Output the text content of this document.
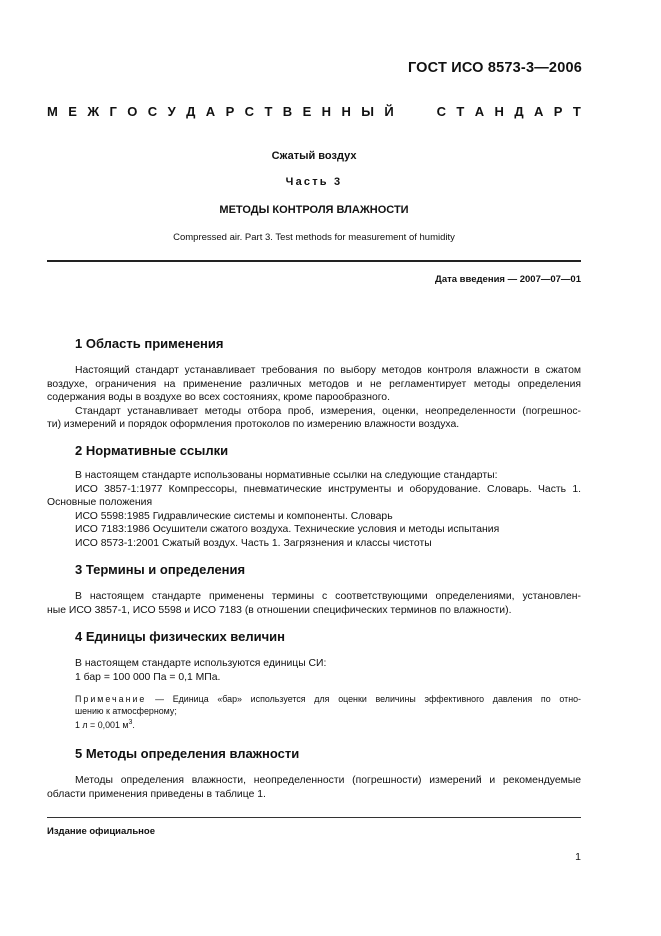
ГОСТ ИСО 8573-3—2006
М Е Ж Г О С У Д А Р С Т В Е Н Н Ы Й	С Т А Н Д А Р Т
Сжатый воздух
Часть 3
МЕТОДЫ КОНТРОЛЯ ВЛАЖНОСТИ
Compressed air. Part 3. Test methods for measurement of humidity
Дата введения — 2007—07—01
1 Область применения
Настоящий стандарт устанавливает требования по выбору методов контроля влажности в сжатом
воздухе, ограничения на применение различных методов и не регламентирует методы определения
содержания воды в воздухе во всех состояниях, кроме парообразного.
Стандарт устанавливает методы отбора проб, измерения, оценки, неопределенности (погрешнос-
ти) измерений и порядок оформления протоколов по измерению влажности воздуха.
2 Нормативные ссылки
В настоящем стандарте использованы нормативные ссылки на следующие стандарты:
ИСО 3857-1:1977 Компрессоры, пневматические инструменты и оборудование. Словарь. Часть 1.
Основные положения
ИСО 5598:1985 Гидравлические системы и компоненты. Словарь
ИСО 7183:1986 Осушители сжатого воздуха. Технические условия и методы испытания
ИСО 8573-1:2001 Сжатый воздух. Часть 1. Загрязнения и классы чистоты
3 Термины и определения
В настоящем стандарте применены термины с соответствующими определениями, установлен-
ные ИСО 3857-1, ИСО 5598 и ИСО 7183 (в отношении специфических терминов по влажности).
4 Единицы физических величин
В настоящем стандарте используются единицы СИ:
1 бар = 100 000 Па = 0,1 МПа.
Примечание — Единица «бар» используется для оценки величины эффективного давления по отно-
шению к атмосферному;
1 л = 0,001 $м^3$.
5 Методы определения влажности
Методы определения влажности, неопределенности (погрешности) измерений и рекомендуемые
области применения приведены в таблице 1.
Издание официальное
1
